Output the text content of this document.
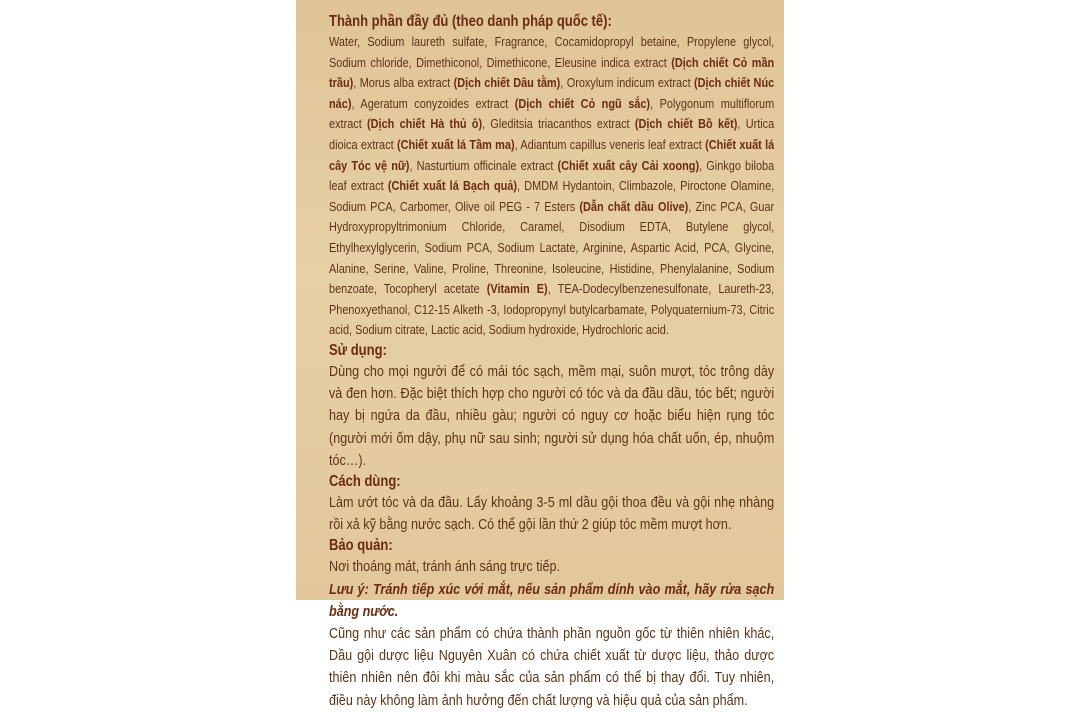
Thành phần đầy đủ (theo danh pháp quốc tế):

Water, Sodium laureth sulfate, Fragrance, Cocamidopropyl betaine, Propylene glycol, Sodium chloride, Dimethiconol, Dimethicone, Eleusine indica extract (Dịch chiết Cỏ mần trầu), Morus alba extract (Dịch chiết Dâu tằm), Oroxylum indicum extract (Dịch chiết Núc nác), Ageratum conyzoides extract (Dịch chiết Cỏ ngũ sắc), Polygonum multiflorum extract (Dịch chiết Hà thủ ô), Gleditsia triacanthos extract (Dịch chiết Bồ kết), Urtica dioica extract (Chiết xuất lá Tầm ma), Adiantum capillus veneris leaf extract (Chiết xuất lá cây Tóc vệ nữ), Nasturtium officinale extract (Chiết xuất cây Cải xoong), Ginkgo biloba leaf extract (Chiết xuất lá Bạch quả), DMDM Hydantoin, Climbazole, Piroctone Olamine, Sodium PCA, Carbomer, Olive oil PEG - 7 Esters (Dẫn chất dầu Olive), Zinc PCA, Guar Hydroxypropyltrimonium Chloride, Caramel, Disodium EDTA, Butylene glycol, Ethylhexylglycerin, Sodium PCA, Sodium Lactate, Arginine, Aspartic Acid, PCA, Glycine, Alanine, Serine, Valine, Proline, Threonine, Isoleucine, Histidine, Phenylalanine, Sodium benzoate, Tocopheryl acetate (Vitamin E), TEA-Dodecylbenzenesulfonate, Laureth-23, Phenoxyethanol, C12-15 Alketh -3, Iodopropynyl butylcarbamate, Polyquaternium-73, Citric acid, Sodium citrate, Lactic acid, Sodium hydroxide, Hydrochloric acid.

Sử dụng:

Dùng cho mọi người để có mái tóc sạch, mềm mại, suôn mượt, tóc trông dày và đen hơn. Đặc biệt thích hợp cho người có tóc và da đầu dầu, tóc bết; người hay bị ngứa da đầu, nhiều gàu; người có nguy cơ hoặc biểu hiện rụng tóc (người mới ốm dậy, phụ nữ sau sinh; người sử dụng hóa chất uốn, ép, nhuộm tóc…).

Cách dùng:

Làm ướt tóc và da đầu. Lấy khoảng 3-5 ml dầu gội thoa đều và gội nhẹ nhàng rồi xả kỹ bằng nước sạch. Có thể gội lần thứ 2 giúp tóc mềm mượt hơn.

Bảo quản:

Nơi thoáng mát, tránh ánh sáng trực tiếp.

Lưu ý: Tránh tiếp xúc với mắt, nếu sản phẩm dính vào mắt, hãy rửa sạch bằng nước.

Cũng như các sản phẩm có chứa thành phần nguồn gốc từ thiên nhiên khác, Dầu gội dược liệu Nguyên Xuân có chứa chiết xuất từ dược liệu, thảo dược thiên nhiên nên đôi khi màu sắc của sản phẩm có thể bị thay đổi. Tuy nhiên, điều này không làm ảnh hưởng đến chất lượng và hiệu quả của sản phẩm.
